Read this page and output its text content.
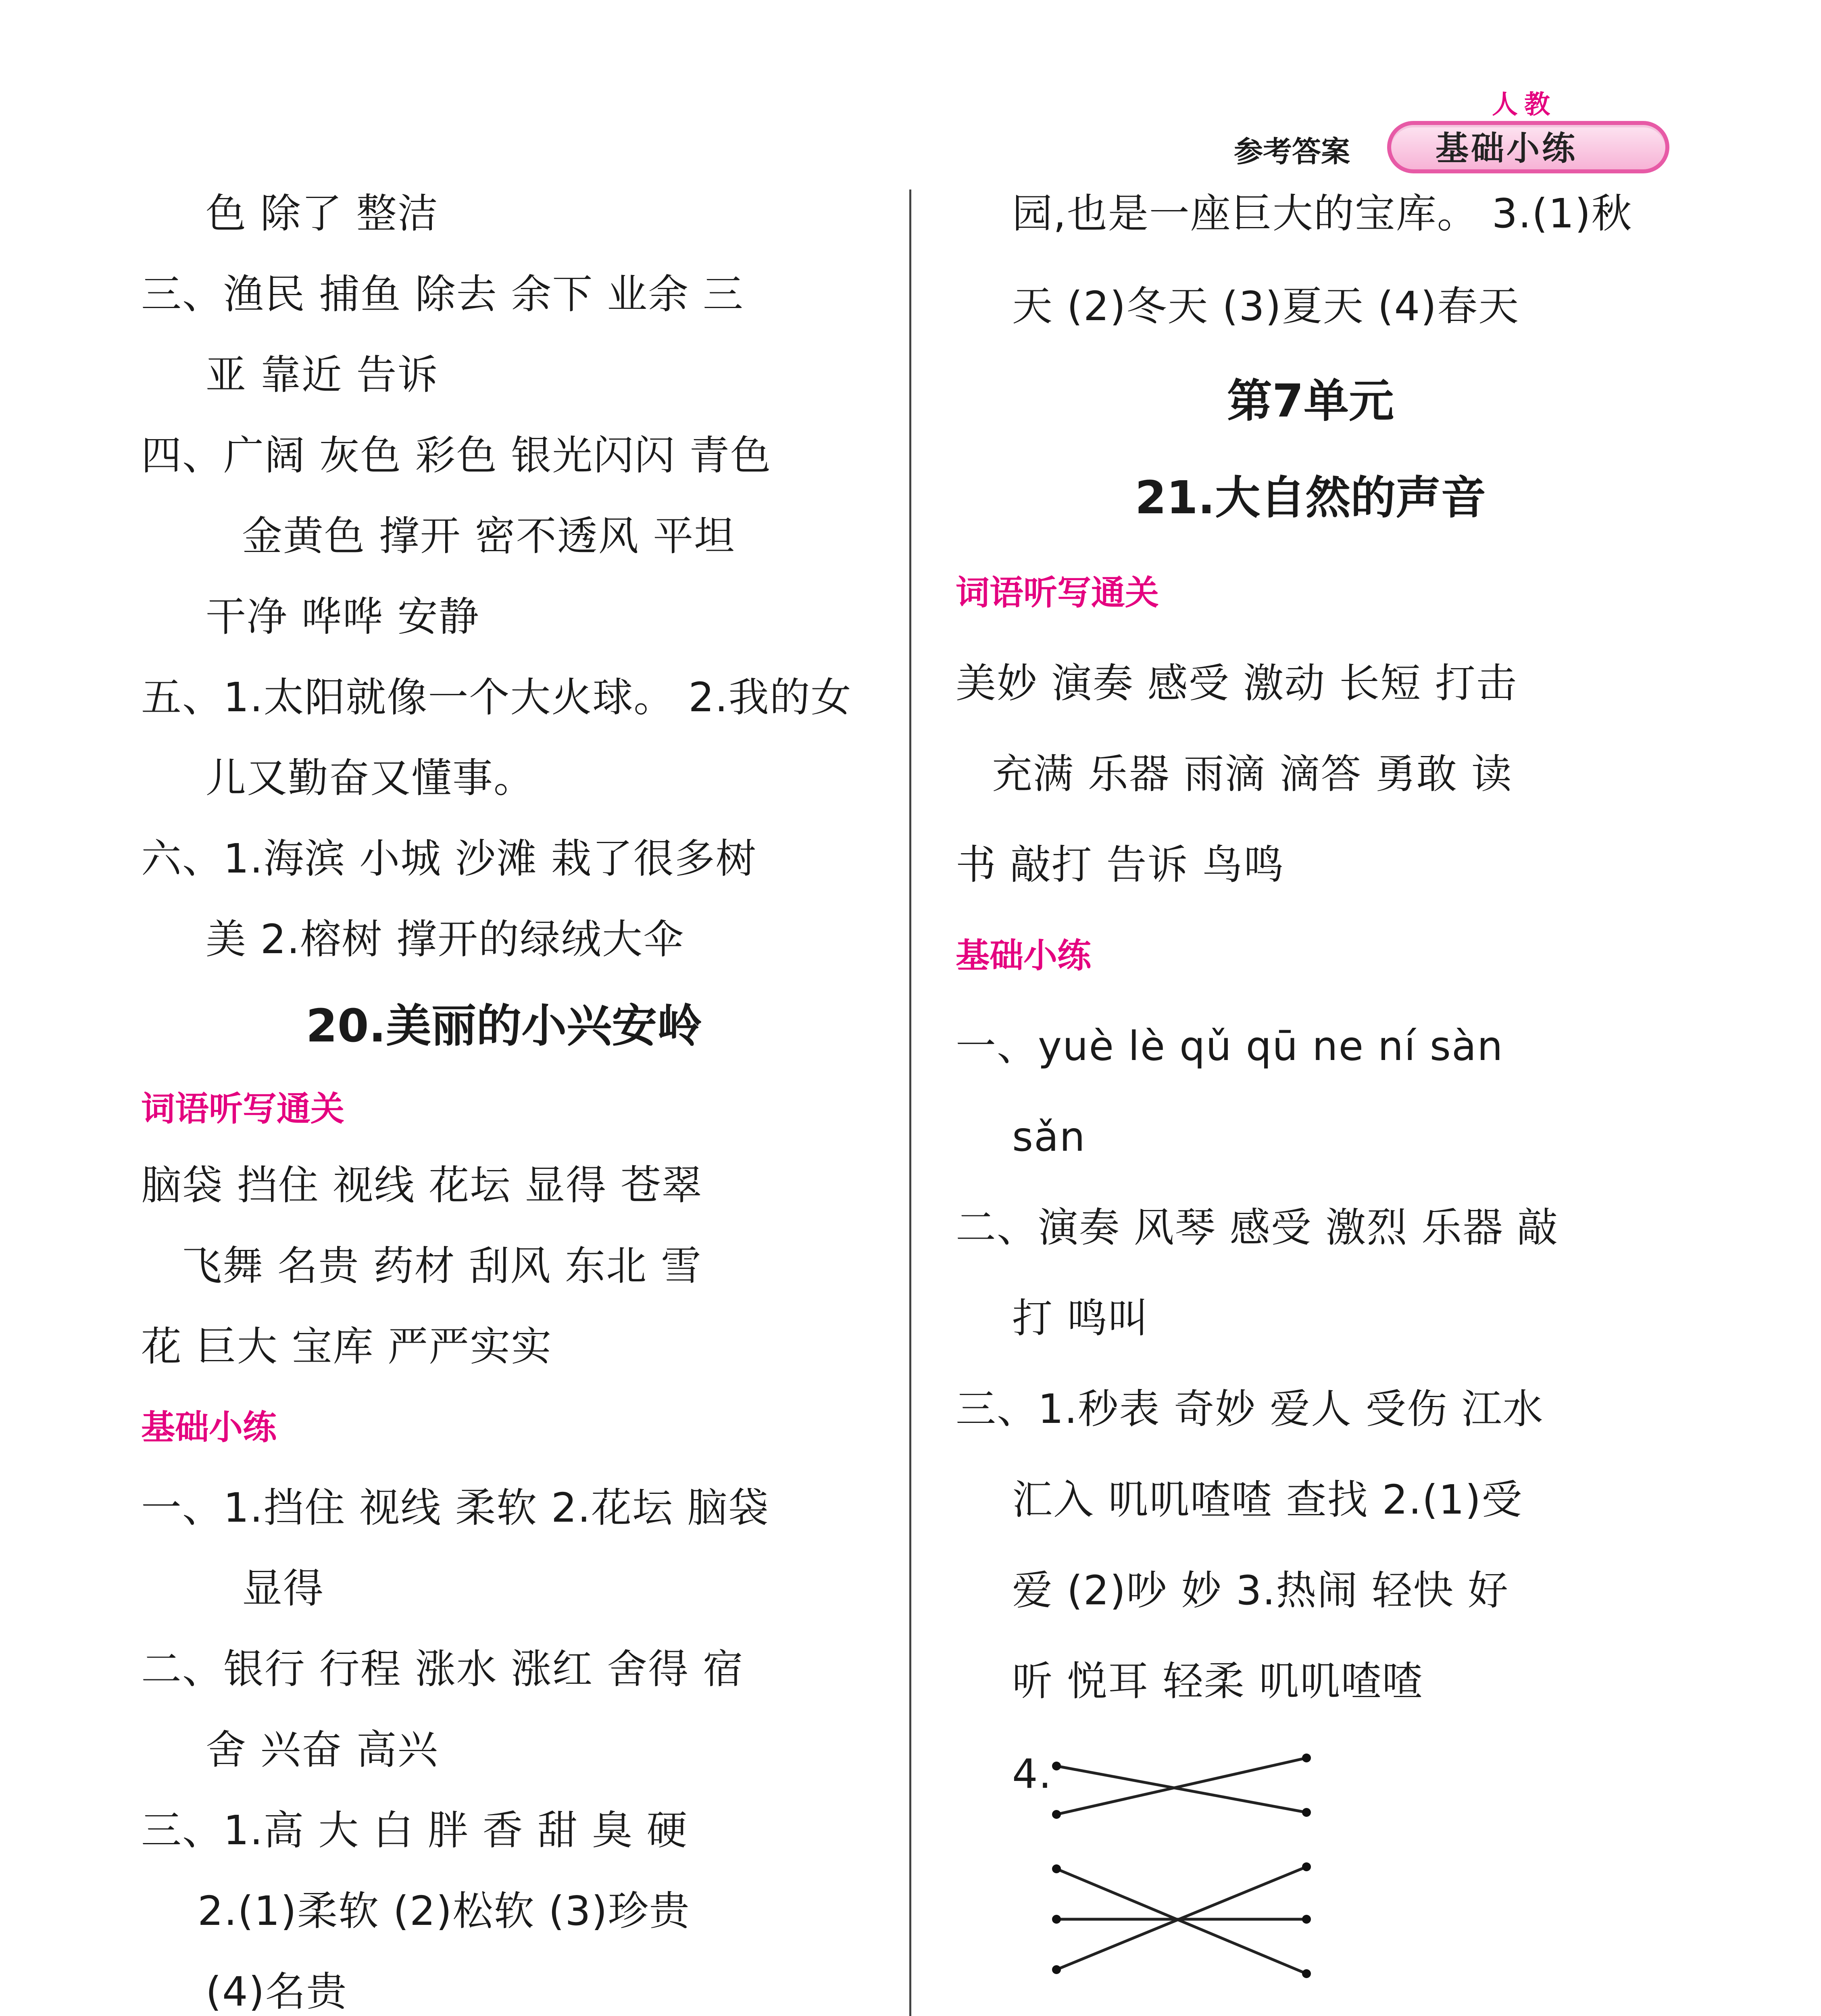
人教
参考答案	基础小练
色 除了 整洁
三、渔民 捕鱼 除去 余下 业余 三
亚 靠近 告诉
四、广阔 灰色 彩色 银光闪闪 青色
金黄色 撑开 密不透风 平坦
干净 哗哗 安静
五、1.太阳就像一个大火球。 2.我的女
儿又勤奋又懂事。
六、1.海滨 小城 沙滩 栽了很多树
美 2.榕树 撑开的绿绒大伞
20.美丽的小兴安岭
词语听写通关
脑袋 挡住 视线 花坛 显得 苍翠
飞舞 名贵 药材 刮风 东北 雪
花 巨大 宝库 严严实实
基础小练
一、1.挡住 视线 柔软 2.花坛 脑袋
显得
二、银行 行程 涨水 涨红 舍得 宿
舍 兴奋 高兴
三、1.高 大 白 胖 香 甜 臭 硬
2.(1)柔软 (2)松软 (3)珍贵
(4)名贵
园,也是一座巨大的宝库。 3.(1)秋
天 (2)冬天 (3)夏天 (4)春天
第7单元
21.大自然的声音
词语听写通关
美妙 演奏 感受 激动 长短 打击
充满 乐器 雨滴 滴答 勇敢 读
书 敲打 告诉 鸟鸣
基础小练
一、yuè lè qǔ qū ne ní sàn
sǎn
二、演奏 风琴 感受 激烈 乐器 敲
打 鸣叫
三、1.秒表 奇妙 爱人 受伤 江水
汇入 叽叽喳喳 查找 2.(1)受
爱 (2)吵 妙 3.热闹 轻快 好
听 悦耳 轻柔 叽叽喳喳
4.
